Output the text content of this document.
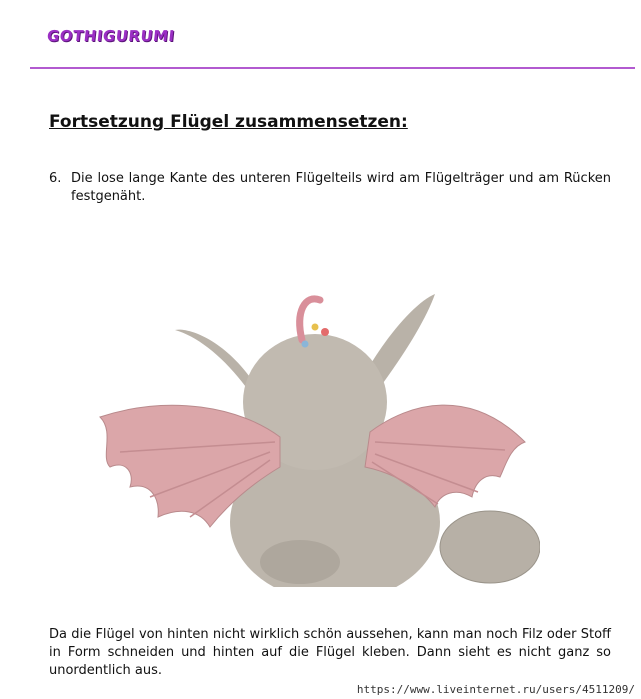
GOTHIGURUMI
Fortsetzung Flügel zusammensetzen:
6. Die lose lange Kante des unteren Flügelteils wird am Flügelträger und am Rücken festgenäht.

Da die Flügel von hinten nicht wirklich schön aussehen, kann man noch Filz oder Stoff in Form schneiden und hinten auf die Flügel kleben. Dann sieht es nicht ganz so unordentlich aus.

https://www.liveinternet.ru/users/4511209/
